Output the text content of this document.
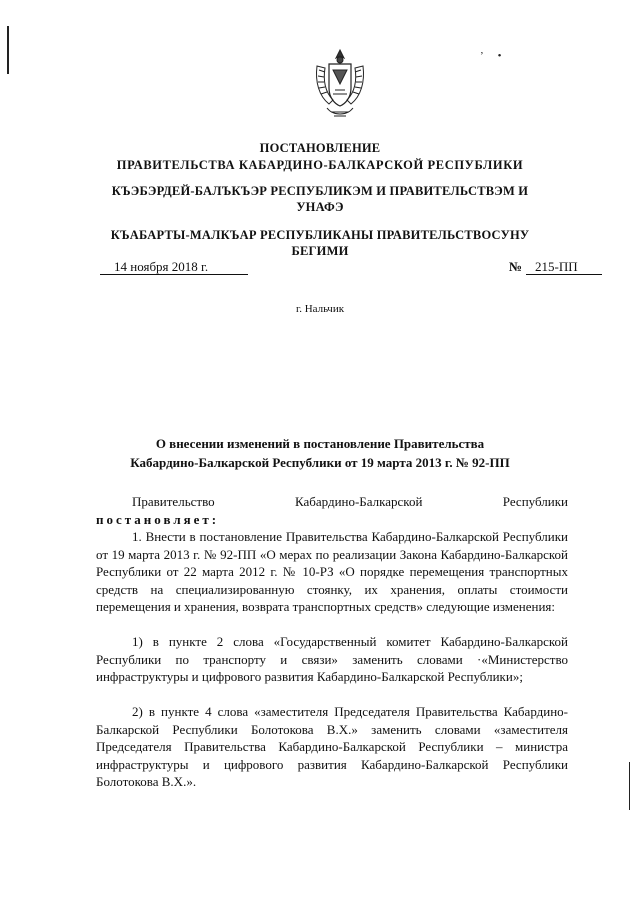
ʼ•
ПОСТАНОВЛЕНИЕ
ПРАВИТЕЛЬСТВА КАБАРДИНО-БАЛКАРСКОЙ РЕСПУБЛИКИ
КЪЭБЭРДЕЙ-БАЛЪКЪЭР РЕСПУБЛИКЭМ И ПРАВИТЕЛЬСТВЭМ И
УНАФЭ
КЪАБАРТЫ-МАЛКЪАР РЕСПУБЛИКАНЫ ПРАВИТЕЛЬСТВОСУНУ
БЕГИМИ
14 ноября 2018 г.	№ 215-ПП
г. Нальчик
О внесении изменений в постановление Правительства
Кабардино-Балкарской Республики от 19 марта 2013 г. № 92-ПП
Правительство	Кабардино-Балкарской	Республики
постановляет:
1. Внести в постановление Правительства Кабардино-Балкарской Республики от 19 марта 2013 г. № 92-ПП «О мерах по реализации Закона Кабардино-Балкарской Республики от 22 марта 2012 г. № 10-РЗ «О порядке перемещения транспортных средств на специализированную стоянку, их хранения, оплаты стоимости перемещения и хранения, возврата транспортных средств» следующие изменения:
1) в пункте 2 слова «Государственный комитет Кабардино-Балкарской Республики по транспорту и связи» заменить словами ·«Министерство инфраструктуры и цифрового развития Кабардино-Балкарской Республики»;
2) в пункте 4 слова «заместителя Председателя Правительства Кабардино-Балкарской Республики Болотокова В.Х.» заменить словами «заместителя Председателя Правительства Кабардино-Балкарской Республики – министра инфраструктуры и цифрового развития Кабардино-Балкарской Республики Болотокова В.Х.».
